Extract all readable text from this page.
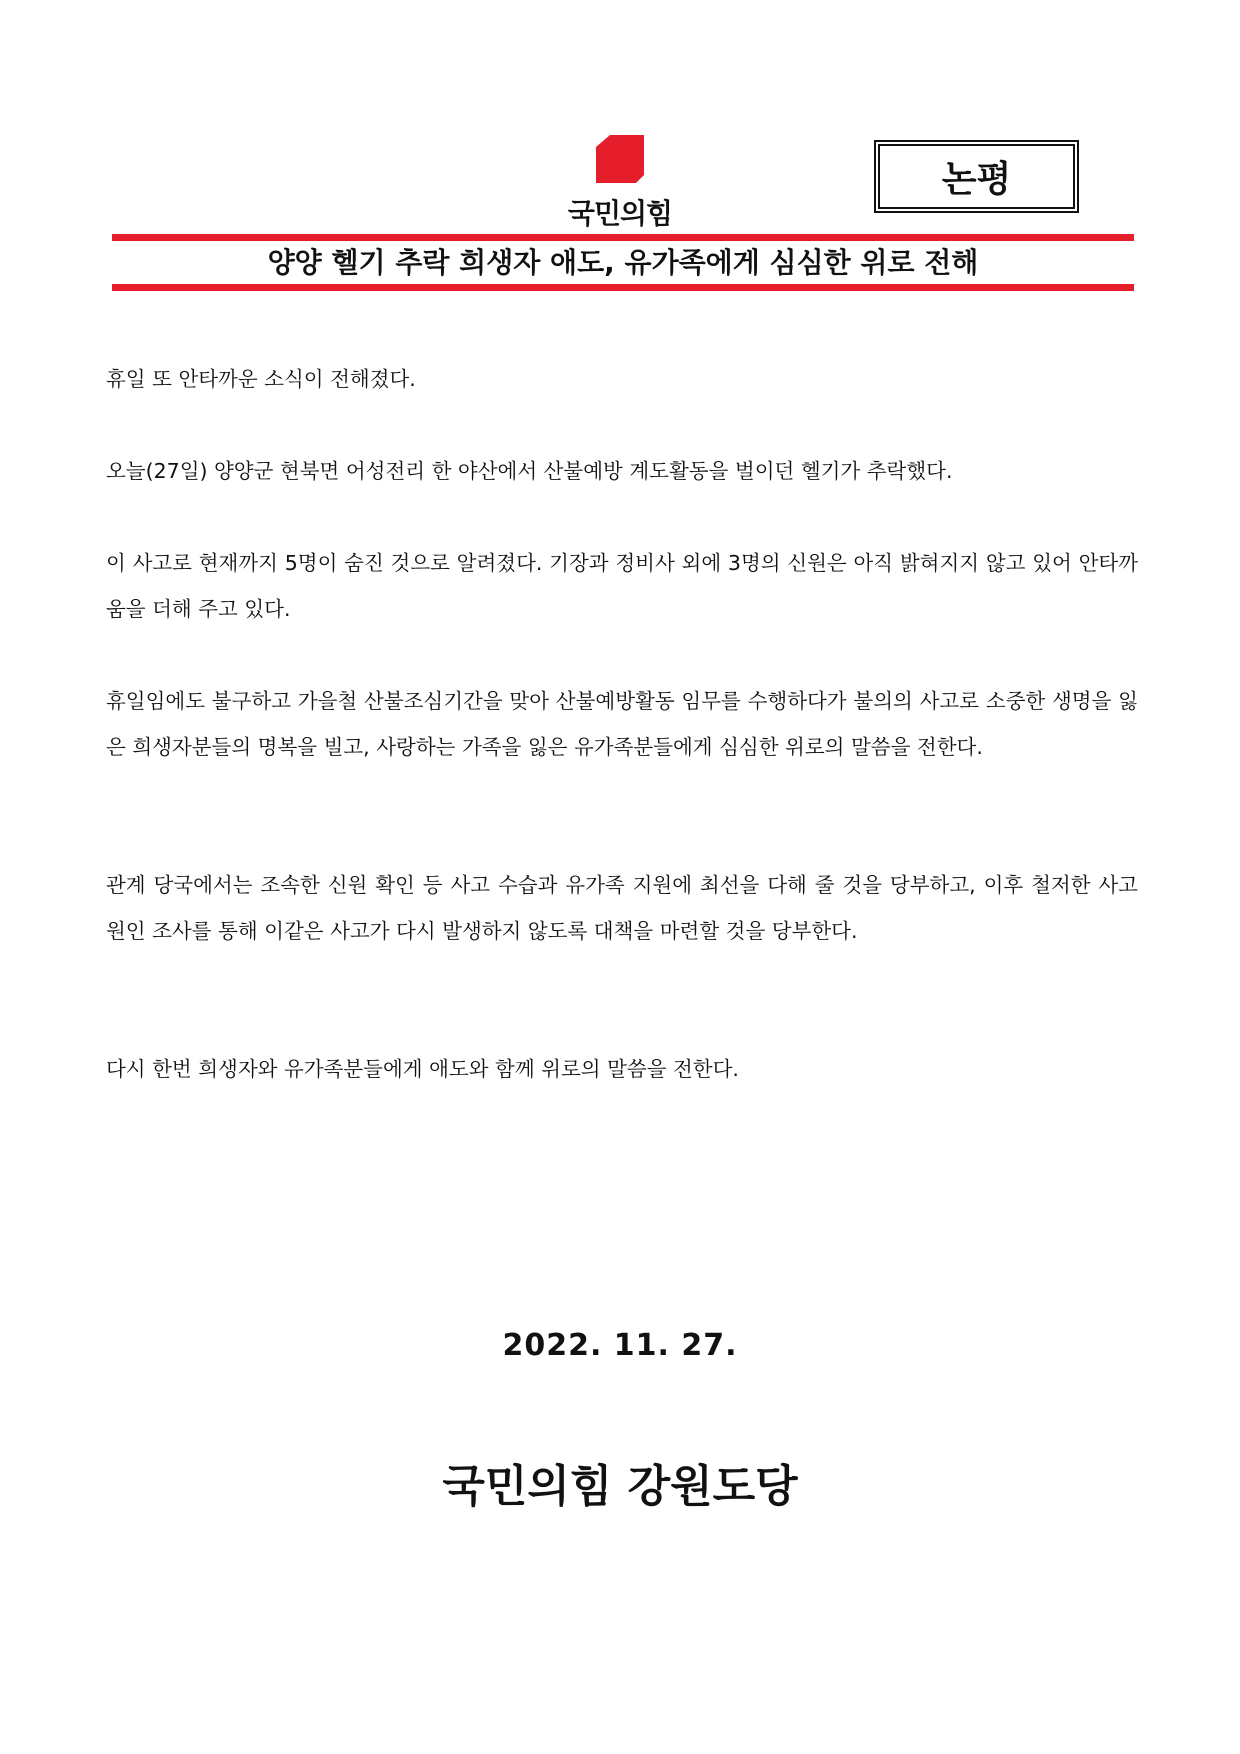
국민의힘
논평
양양 헬기 추락 희생자 애도, 유가족에게 심심한 위로 전해

휴일 또 안타까운 소식이 전해졌다.

오늘(27일) 양양군 현북면 어성전리 한 야산에서 산불예방 계도활동을 벌이던 헬기가 추락했다.

이 사고로 현재까지 5명이 숨진 것으로 알려졌다. 기장과 정비사 외에 3명의 신원은 아직 밝혀지지 않고 있어 안타까움을 더해 주고 있다.

휴일임에도 불구하고 가을철 산불조심기간을 맞아 산불예방활동 임무를 수행하다가 불의의 사고로 소중한 생명을 잃은 희생자분들의 명복을 빌고, 사랑하는 가족을 잃은 유가족분들에게 심심한 위로의 말씀을 전한다.

관계 당국에서는 조속한 신원 확인 등 사고 수습과 유가족 지원에 최선을 다해 줄 것을 당부하고, 이후 철저한 사고 원인 조사를 통해 이같은 사고가 다시 발생하지 않도록 대책을 마련할 것을 당부한다.

다시 한번 희생자와 유가족분들에게 애도와 함께 위로의 말씀을 전한다.

2022. 11. 27.
국민의힘 강원도당
